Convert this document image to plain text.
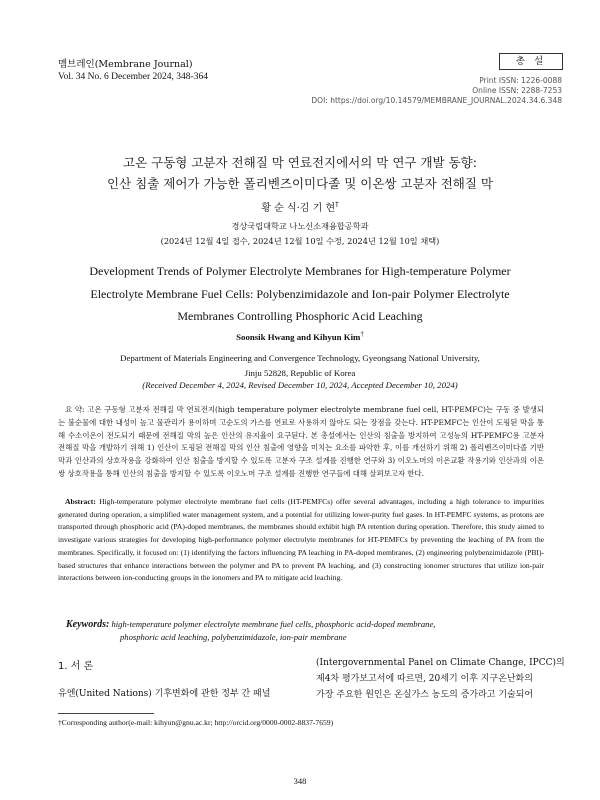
멤브레인(Membrane Journal)
Vol. 34 No. 6 December 2024, 348-364
총 설
Print ISSN: 1226-0088
Online ISSN: 2288-7253
DOI: https://doi.org/10.14579/MEMBRANE_JOURNAL.2024.34.6.348
고온 구동형 고분자 전해질 막 연료전지에서의 막 연구 개발 동향:
인산 침출 제어가 가능한 폴리벤즈이미다졸 및 이온쌍 고분자 전해질 막
황 순 식·김 기 현†
경상국립대학교 나노신소재융합공학과
(2024년 12월 4일 접수, 2024년 12월 10일 수정, 2024년 12월 10일 채택)
Development Trends of Polymer Electrolyte Membranes for High-temperature Polymer
Electrolyte Membrane Fuel Cells: Polybenzimidazole and Ion-pair Polymer Electrolyte
Membranes Controlling Phosphoric Acid Leaching
Soonsik Hwang and Kihyun Kim†
Department of Materials Engineering and Convergence Technology, Gyeongsang National University,
Jinju 52828, Republic of Korea
(Received December 4, 2024, Revised December 10, 2024, Accepted December 10, 2024)
요 약: 고온 구동형 고분자 전해질 막 연료전지(high temperature polymer electrolyte membrane fuel cell, HT-PEMFC)는 구동 중 발생되는 불순물에 대한 내성이 높고 물관리가 용이하며 고순도의 가스를 연료로 사용하지 않아도 되는 장점을 갖는다. HT-PEMFC는 인산이 도핑된 막을 통해 수소이온이 전도되기 때문에 전해질 막의 높은 인산의 유지율이 요구된다. 본 총설에서는 인산의 침출을 방지하여 고성능의 HT-PEMFC용 고분자 전해질 막을 개발하기 위해 1) 인산이 도핑된 전해질 막의 인산 침출에 영향을 미치는 요소를 파악한 후, 이를 개선하기 위해 2) 폴리벤즈이미다졸 기반 막과 인산과의 상호작용을 강화하여 인산 침출을 방지할 수 있도록 고분자 구조 설계를 진행한 연구와 3) 이오노머의 이온교환 작용기와 인산과의 이온쌍 상호작용을 통해 인산의 침출을 방지할 수 있도록 이오노머 구조 설계를 진행한 연구들에 대해 살펴보고자 한다.
Abstract: High-temperature polymer electrolyte membrane fuel cells (HT-PEMFCs) offer several advantages, including a high tolerance to impurities generated during operation, a simplified water management system, and a potential for utilizing lower-purity fuel gases. In HT-PEMFC systems, as protons are transported through phosphoric acid (PA)-doped membranes, the membranes should exhibit high PA retention during operation. Therefore, this study aimed to investigate various strategies for developing high-performance polymer electrolyte membranes for HT-PEMFCs by preventing the leaching of PA from the membranes. Specifically, it focused on: (1) identifying the factors influencing PA leaching in PA-doped membranes, (2) engineering polybenzimidazole (PBI)-based structures that enhance interactions between the polymer and PA to prevent PA leaching, and (3) constructing ionomer structures that utilize ion-pair interactions between ion-conducting groups in the ionomers and PA to mitigate acid leaching.
Keywords: high-temperature polymer electrolyte membrane fuel cells, phosphoric acid-doped membrane,
phosphoric acid leaching, polybenzimidazole, ion-pair membrane
1. 서 론
유엔(United Nations) 기후변화에 관한 정부 간 패널
(Intergovernmental Panel on Climate Change, IPCC)의
제4차 평가보고서에 따르면, 20세기 이후 지구온난화의
가장 주요한 원인은 온실가스 농도의 증가라고 기술되어
†Corresponding author(e-mail: kihyun@gnu.ac.kr; http://orcid.org/0000-0002-8837-7659)
348
